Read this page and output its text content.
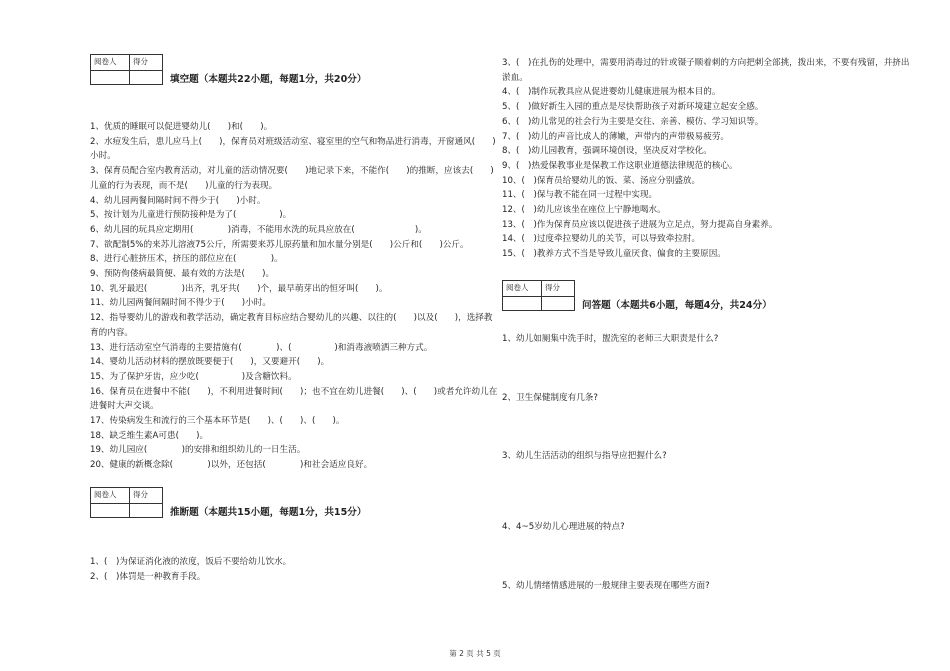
阅卷人	得分

填空题（本题共22小题，每题1分，共20分）

1、优质的睡眠可以促进婴幼儿(　　)和(　　)。

2、水痘发生后，患儿应马上(　　)，保育员对班级活动室、寝室里的空气和物品进行消毒，开窗通风(　　)小时。

3、保育员配合室内教育活动，对儿童的活动情况要(　　)地记录下来，不能作(　　)的推断，应该去(　　)儿童的行为表现，而不是(　　)儿童的行为表现。

4、幼儿园两餐间隔时间不得少于(　　)小时。

5、按计划为儿童进行预防接种是为了(　　　　　)。

6、幼儿园的玩具应定期用(　　　　)消毒，不能用水洗的玩具应放在(　　　　　　　)。

7、欲配制5%的来苏儿溶液75公斤，所需要来苏儿原药量和加水量分别是(　　)公斤和(　　)公斤。

8、进行心脏挤压术，挤压的部位应在(　　　　)。

9、预防佝偻病最简便、最有效的方法是(　　)。

10、乳牙最迟(　　　　)出齐，乳牙共(　　)个，最早萌芽出的恒牙叫(　　)。

11、幼儿园两餐间隔时间不得少于(　　)小时。

12、指导婴幼儿的游戏和教学活动，确定教育目标应结合婴幼儿的兴趣、以往的(　　)以及(　　)，选择教育的内容。

13、进行活动室空气消毒的主要措施有(　　　　)、(　　　　　)和消毒液喷洒三种方式。

14、婴幼儿活动材料的摆放既要便于(　　)，又要避开(　　)。

15、为了保护牙齿，应少吃(　　　　　)及含糖饮料。

16、保育员在进餐中不能(　　)，不利用进餐时间(　　)；也不宜在幼儿进餐(　　)、(　　)或者允许幼儿在进餐时大声交谈。

17、传染病发生和流行的三个基本环节是(　　)、(　　)、(　　)。

18、缺乏维生素A可患(　　)。

19、幼儿园应(　　　　)的安排和组织幼儿的一日生活。

20、健康的新概念除(　　　　)以外，还包括(　　　　)和社会适应良好。

阅卷人	得分

推断题（本题共15小题，每题1分，共15分）

1、(　)为保证消化液的浓度，饭后不要给幼儿饮水。

2、(　)体罚是一种教育手段。

3、(　)在扎伤的处理中，需要用消毒过的针或镊子顺着刺的方向把刺全部挑，拨出来，不要有残留，并挤出淤血。

4、(　)制作玩教具应从促进婴幼儿健康进展为根本目的。

5、(　)做好新生入园的重点是尽快帮助孩子对新环境建立起安全感。

6、(　)幼儿常见的社会行为主要是交往、亲善、模仿、学习知识等。

7、(　)幼儿的声音比成人的薄嫩，声带内的声带极易疲劳。

8、(　)幼儿园教育，强调环境创设，坚决反对学校化。

9、(　)热爱保教事业是保教工作这职业道德法律规范的核心。

10、(　)保育员给婴幼儿的饭、菜、汤应分别盛放。

11、(　)保与教不能在同一过程中实现。

12、(　)幼儿应该坐在座位上宁静地喝水。

13、(　)作为保育员应该以促进孩子进展为立足点，努力提高自身素养。

14、(　)过度牵拉婴幼儿的关节，可以导致牵拉肘。

15、(　)教养方式不当是导致儿童厌食、偏食的主要原因。

阅卷人	得分

问答题（本题共6小题，每题4分，共24分）

1、幼儿如厕集中洗手时，盥洗室的老师三大职责是什么?

2、卫生保健制度有几条?

3、幼儿生活活动的组织与指导应把握什么?

4、4~5岁幼儿心理进展的特点?

5、幼儿情绪情感进展的一般规律主要表现在哪些方面?

第 2 页 共 5 页
